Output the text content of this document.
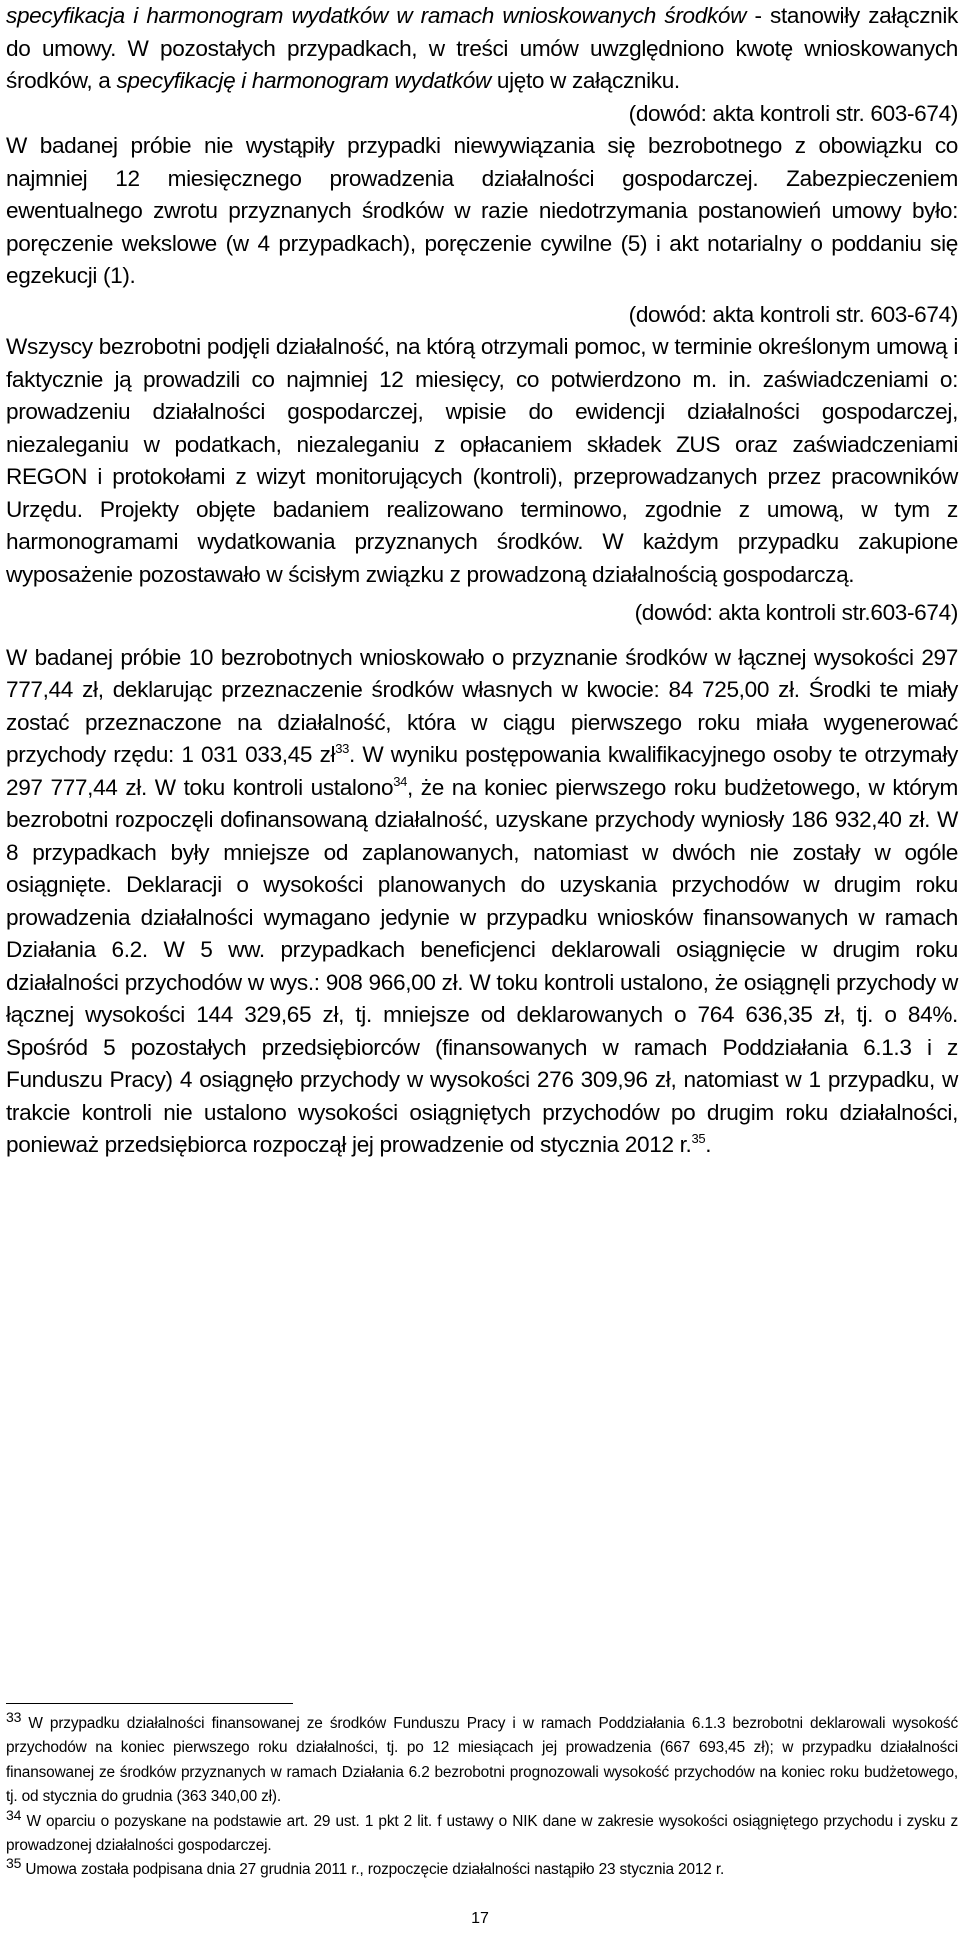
specyfikacja i harmonogram wydatków w ramach wnioskowanych środków - stanowiły załącznik do umowy. W pozostałych przypadkach, w treści umów uwzględniono kwotę wnioskowanych środków, a specyfikację i harmonogram wydatków ujęto w załączniku.

(dowód: akta kontroli str. 603-674)

W badanej próbie nie wystąpiły przypadki niewywiązania się bezrobotnego z obowiązku co najmniej 12 miesięcznego prowadzenia działalności gospodarczej. Zabezpieczeniem ewentualnego zwrotu przyznanych środków w razie niedotrzymania postanowień umowy było: poręczenie wekslowe (w 4 przypadkach), poręczenie cywilne (5) i akt notarialny o poddaniu się egzekucji (1).

(dowód: akta kontroli str. 603-674)

Wszyscy bezrobotni podjęli działalność, na którą otrzymali pomoc, w terminie określonym umową i faktycznie ją prowadzili co najmniej 12 miesięcy, co potwierdzono m. in. zaświadczeniami o: prowadzeniu działalności gospodarczej, wpisie do ewidencji działalności gospodarczej, niezaleganiu w podatkach, niezaleganiu z opłacaniem składek ZUS oraz zaświadczeniami REGON i protokołami z wizyt monitorujących (kontroli), przeprowadzanych przez pracowników Urzędu. Projekty objęte badaniem realizowano terminowo, zgodnie z umową, w tym z harmonogramami wydatkowania przyznanych środków. W każdym przypadku zakupione wyposażenie pozostawało w ścisłym związku z prowadzoną działalnością gospodarczą.

(dowód: akta kontroli str.603-674)

W badanej próbie 10 bezrobotnych wnioskowało o przyznanie środków w łącznej wysokości 297 777,44 zł, deklarując przeznaczenie środków własnych w kwocie: 84 725,00 zł. Środki te miały zostać przeznaczone na działalność, która w ciągu pierwszego roku miała wygenerować przychody rzędu: 1 031 033,45 $zł^{33}$. W wyniku postępowania kwalifikacyjnego osoby te otrzymały 297 777,44 zł. W toku kontroli ustalono$^{34}$, że na koniec pierwszego roku budżetowego, w którym bezrobotni rozpoczęli dofinansowaną działalność, uzyskane przychody wyniosły 186 932,40 zł. W 8 przypadkach były mniejsze od zaplanowanych, natomiast w dwóch nie zostały w ogóle osiągnięte. Deklaracji o wysokości planowanych do uzyskania przychodów w drugim roku prowadzenia działalności wymagano jedynie w przypadku wniosków finansowanych w ramach Działania 6.2. W 5 ww. przypadkach beneficjenci deklarowali osiągnięcie w drugim roku działalności przychodów w wys.: 908 966,00 zł. W toku kontroli ustalono, że osiągnęli przychody w łącznej wysokości 144 329,65 zł, tj. mniejsze od deklarowanych o 764 636,35 zł, tj. o 84%. Spośród 5 pozostałych przedsiębiorców (finansowanych w ramach Poddziałania 6.1.3 i z Funduszu Pracy) 4 osiągnęło przychody w wysokości 276 309,96 zł, natomiast w 1 przypadku, w trakcie kontroli nie ustalono wysokości osiągniętych przychodów po drugim roku działalności, ponieważ przedsiębiorca rozpoczął jej prowadzenie od stycznia 2012 r.$^{35}$.

$^{33}$ W przypadku działalności finansowanej ze środków Funduszu Pracy i w ramach Poddziałania 6.1.3 bezrobotni deklarowali wysokość przychodów na koniec pierwszego roku działalności, tj. po 12 miesiącach jej prowadzenia (667 693,45 zł); w przypadku działalności finansowanej ze środków przyznanych w ramach Działania 6.2 bezrobotni prognozowali wysokość przychodów na koniec roku budżetowego, tj. od stycznia do grudnia (363 340,00 zł).

$^{34}$ W oparciu o pozyskane na podstawie art. 29 ust. 1 pkt 2 lit. f ustawy o NIK dane w zakresie wysokości osiągniętego przychodu i zysku z prowadzonej działalności gospodarczej.

$^{35}$ Umowa została podpisana dnia 27 grudnia 2011 r., rozpoczęcie działalności nastąpiło 23 stycznia 2012 r.

17
